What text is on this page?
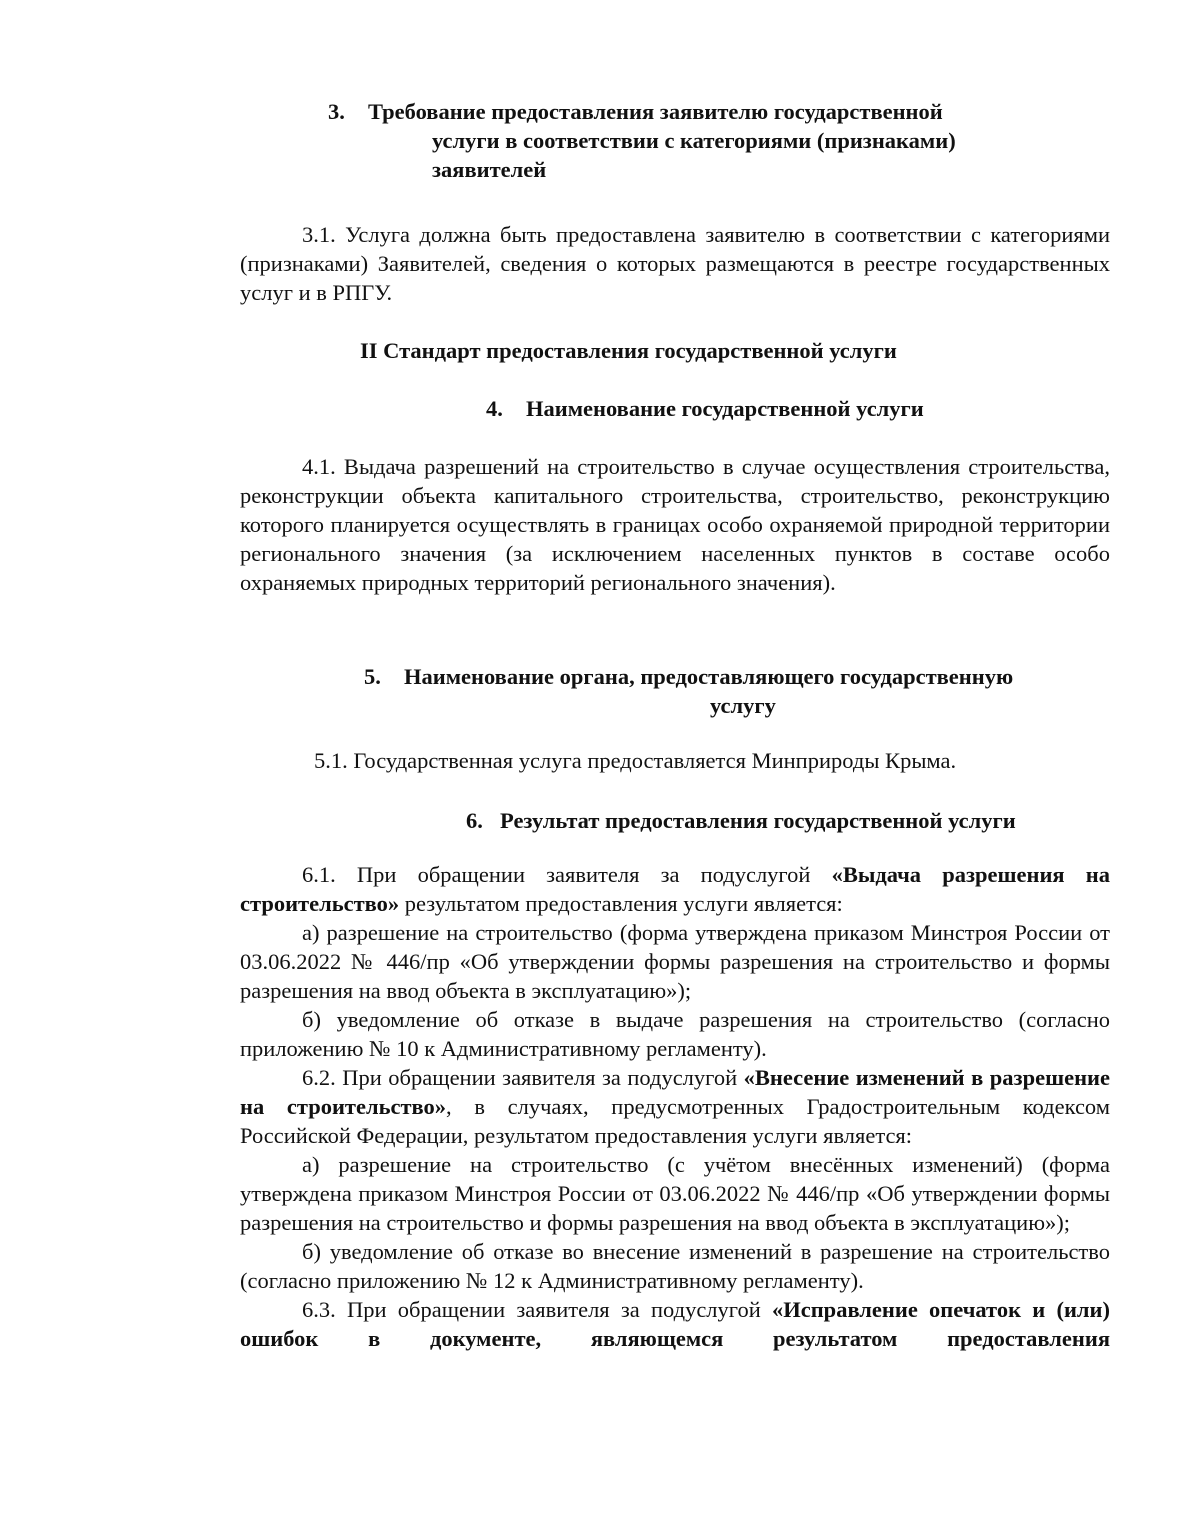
3. Требование предоставления заявителю государственной
услуги в соответствии с категориями (признаками)
заявителей

3.1. Услуга должна быть предоставлена заявителю в соответствии с категориями (признаками) Заявителей, сведения о которых размещаются в реестре государственных услуг и в РПГУ.

II Стандарт предоставления государственной услуги
4. Наименование государственной услуги

4.1. Выдача разрешений на строительство в случае осуществления строительства, реконструкции объекта капитального строительства, строительство, реконструкцию которого планируется осуществлять в границах особо охраняемой природной территории регионального значения (за исключением населенных пунктов в составе особо охраняемых природных территорий регионального значения).

5. Наименование органа, предоставляющего государственную
услугу

5.1. Государственная услуга предоставляется Минприроды Крыма.

6. Результат предоставления государственной услуги

6.1. При обращении заявителя за подуслугой «Выдача разрешения на строительство» результатом предоставления услуги является:

а) разрешение на строительство (форма утверждена приказом Минстроя России от 03.06.2022 № 446/пр «Об утверждении формы разрешения на строительство и формы разрешения на ввод объекта в эксплуатацию»);

б) уведомление об отказе в выдаче разрешения на строительство (согласно приложению № 10 к Административному регламенту).

6.2. При обращении заявителя за подуслугой «Внесение изменений в разрешение на строительство», в случаях, предусмотренных Градостроительным кодексом Российской Федерации, результатом предоставления услуги является:

а) разрешение на строительство (с учётом внесённых изменений) (форма утверждена приказом Минстроя России от 03.06.2022 № 446/пр «Об утверждении формы разрешения на строительство и формы разрешения на ввод объекта в эксплуатацию»);

б) уведомление об отказе во внесение изменений в разрешение на строительство (согласно приложению № 12 к Административному регламенту).

6.3. При обращении заявителя за подуслугой «Исправление опечаток и (или) ошибок в документе, являющемся результатом предоставления
